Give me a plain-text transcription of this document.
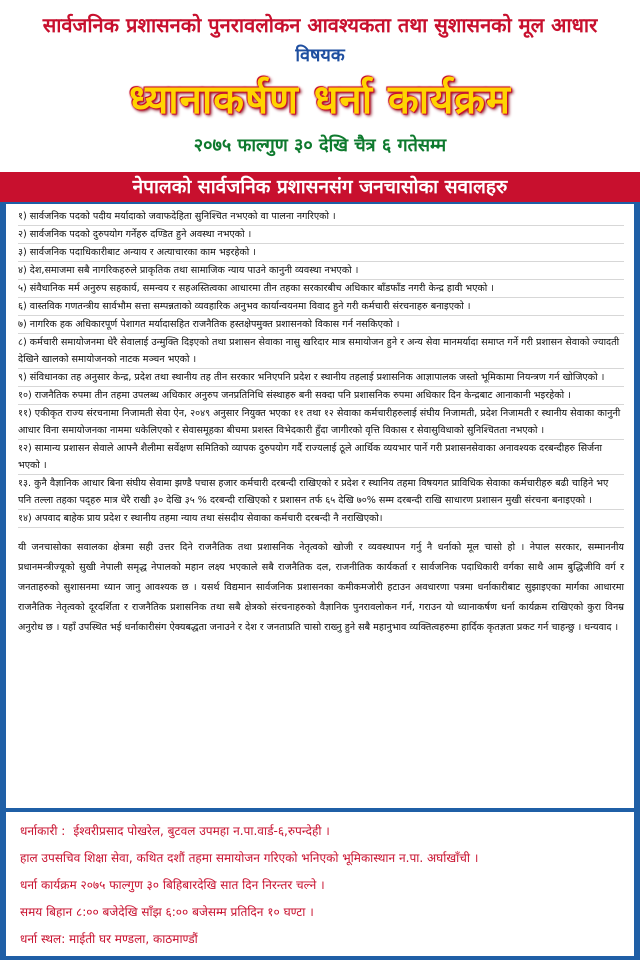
सार्वजनिक प्रशासनको पुनरावलोकन आवश्यकता तथा सुशासनको मूल आधार
विषयक
ध्यानाकर्षण धर्ना कार्यक्रम
२०७५ फाल्गुण ३० देखि चैत्र ६ गतेसम्म
नेपालको सार्वजनिक प्रशासनसंग जनचासोका सवालहरु
१) सार्वजनिक पदको पदीय मर्यादाको जवाफदेहिता सुनिश्चित नभएको वा पालना नगरिएको ।
२) सार्वजनिक पदको दुरुपयोग गर्नेहरु दण्डित हुने अवस्था नभएको ।
३) सार्वजनिक पदाधिकारीबाट अन्याय र अत्याचारका काम भइरहेको ।
४) देश,समाजमा सबै नागरिकहरुले प्राकृतिक तथा सामाजिक न्याय पाउने कानुनी व्यवस्था नभएको ।
५) संवैधानिक मर्म अनुरुप सहकार्य, समन्वय र सहअस्तित्वका आधारमा तीन तहका सरकारबीच अधिकार बाँडफाँड नगरी केन्द्र हावी भएको ।
६) वास्तविक गणतन्त्रीय सार्वभौम सत्ता सम्पन्नताको व्यवहारिक अनुभव कार्यान्वयनमा विवाद हुने गरी कर्मचारी संरचनाहरु बनाइएको ।
७) नागरिक हक अधिकारपूर्ण पेशागत मर्यादासहित राजनैतिक हस्तक्षेपमुक्त प्रशासनको विकास गर्न नसकिएको ।
८) कर्मचारी समायोजनमा धेरै सेवालाई उन्मुक्ति दिइएको तथा प्रशासन सेवाका नासु खरिदार मात्र समायोजन हुने र अन्य सेवा मानमर्यादा समाप्त गर्ने गरी प्रशासन सेवाको ज्यादती देखिने खालको समायोजनको नाटक मञ्चन भएको ।
९) संविधानका तह अनुसार केन्द्र, प्रदेश तथा स्थानीय तह तीन सरकार भनिएपनि प्रदेश र स्थानीय तहलाई प्रशासनिक आज्ञापालक जस्तो भूमिकामा नियन्त्रण गर्न खोजिएको ।
१०) राजनैतिक रुपमा तीन तहमा उपलब्ध अधिकार अनुरुप जनप्रतिनिधि संस्थाहरु बनी सक्दा पनि प्रशासनिक रुपमा अधिकार दिन केन्द्रबाट आनाकानी भइरहेको ।
११) एकीकृत राज्य संरचनामा निजामती सेवा ऐन, २०४९ अनुसार नियुक्त भएका ११ तथा १२ सेवाका कर्मचारीहरुलाई संघीय निजामती, प्रदेश निजामती र स्थानीय सेवाका कानुनी आधार विना समायोजनका नाममा धकेलिएको र सेवासमूहका बीचमा प्रशस्त विभेदकारी हुँदा जागीरको वृत्ति विकास र सेवासुविधाको सुनिश्चितता नभएको ।
१२) सामान्य प्रशासन सेवाले आफ्नै शैलीमा सर्वेक्षण समितिको व्यापक दुरुपयोग गर्दै राज्यलाई ठूले आर्थिक व्ययभार पार्ने गरी प्रशासनसेवाका अनावश्यक दरबन्दीहरु सिर्जना भएको ।
१३. कुनै वैज्ञानिक आधार बिना संघीय सेवामा झण्डै पचास हजार कर्मचारी दरबन्दी राखिएको र प्रदेश र स्थानिय तहमा विषयगत प्राविधिक सेवाका कर्मचारीहरु बढी चाहिने भए पनि तल्ला तहका पद्हरु मात्र धेरै राखी ३० देखि ३५ % दरबन्दी राखिएको र प्रशासन तर्फ ६५ देखि ७०% सम्म दरबन्दी राखि साधारण प्रशासन मुखी संरचना बनाइएको ।
१४) अपवाद बाहेक प्राय प्रदेश र स्थानीय तहमा न्याय तथा संसदीय सेवाका कर्मचारी दरबन्दी नै नराखिएको।
यी जनचासोका सवालका क्षेत्रमा सही उत्तर दिने राजनैतिक तथा प्रशासनिक नेतृत्वको खोजी र व्यवस्थापन गर्नु नै धर्नाको मूल चासो हो । नेपाल सरकार, सम्माननीय प्रधानमन्त्रीज्यूको सुखी नेपाली समृद्ध नेपालको महान लक्ष्य भएकाले सबै राजनैतिक दल, राजनीतिक कार्यकर्ता र सार्वजनिक पदाधिकारी वर्गका साथै आम बुद्धिजीवि वर्ग र जनताहरुको सुशासनमा ध्यान जानु आवश्यक छ । यसर्थ विद्यमान सार्वजनिक प्रशासनका कमीकमजोरी हटाउन अवधारणा पत्रमा धर्नाकारीबाट सुझाइएका मार्गका आधारमा राजनैतिक नेतृत्वको दूरदर्शिता र राजनैतिक प्रशासनिक तथा सबै क्षेत्रको संरचनाहरुको वैज्ञानिक पुनरावलोकन गर्न, गराउन यो ध्यानाकर्षण धर्ना कार्यक्रम राखिएको कुरा विनम्र अनुरोध छ । यहाँ उपस्थित भई धर्नाकारीसंग ऐक्यबद्धता जनाउने र देश र जनताप्रति चासो राख्नु हुने सबै महानुभाव व्यक्तित्वहरुमा हार्दिक कृतज्ञता प्रकट गर्न चाहन्छु । धन्यवाद ।

धर्नाकारी : ईश्वरीप्रसाद पोखरेल, बुटवल उपमहा न.पा.वार्ड-६,रुपन्देही ।

हाल उपसचिव शिक्षा सेवा, कथित दशौं तहमा समायोजन गरिएको भनिएको भूमिकास्थान न.पा. अर्घाखाँची ।

धर्ना कार्यक्रम २०७५ फाल्गुण ३० बिहिबारदेखि सात दिन निरन्तर चल्ने ।

समय बिहान ८:०० बजेदेखि साँझ ६:०० बजेसम्म प्रतिदिन १० घण्टा ।

धर्ना स्थल: माईती घर मण्डला, काठमाण्डौं
